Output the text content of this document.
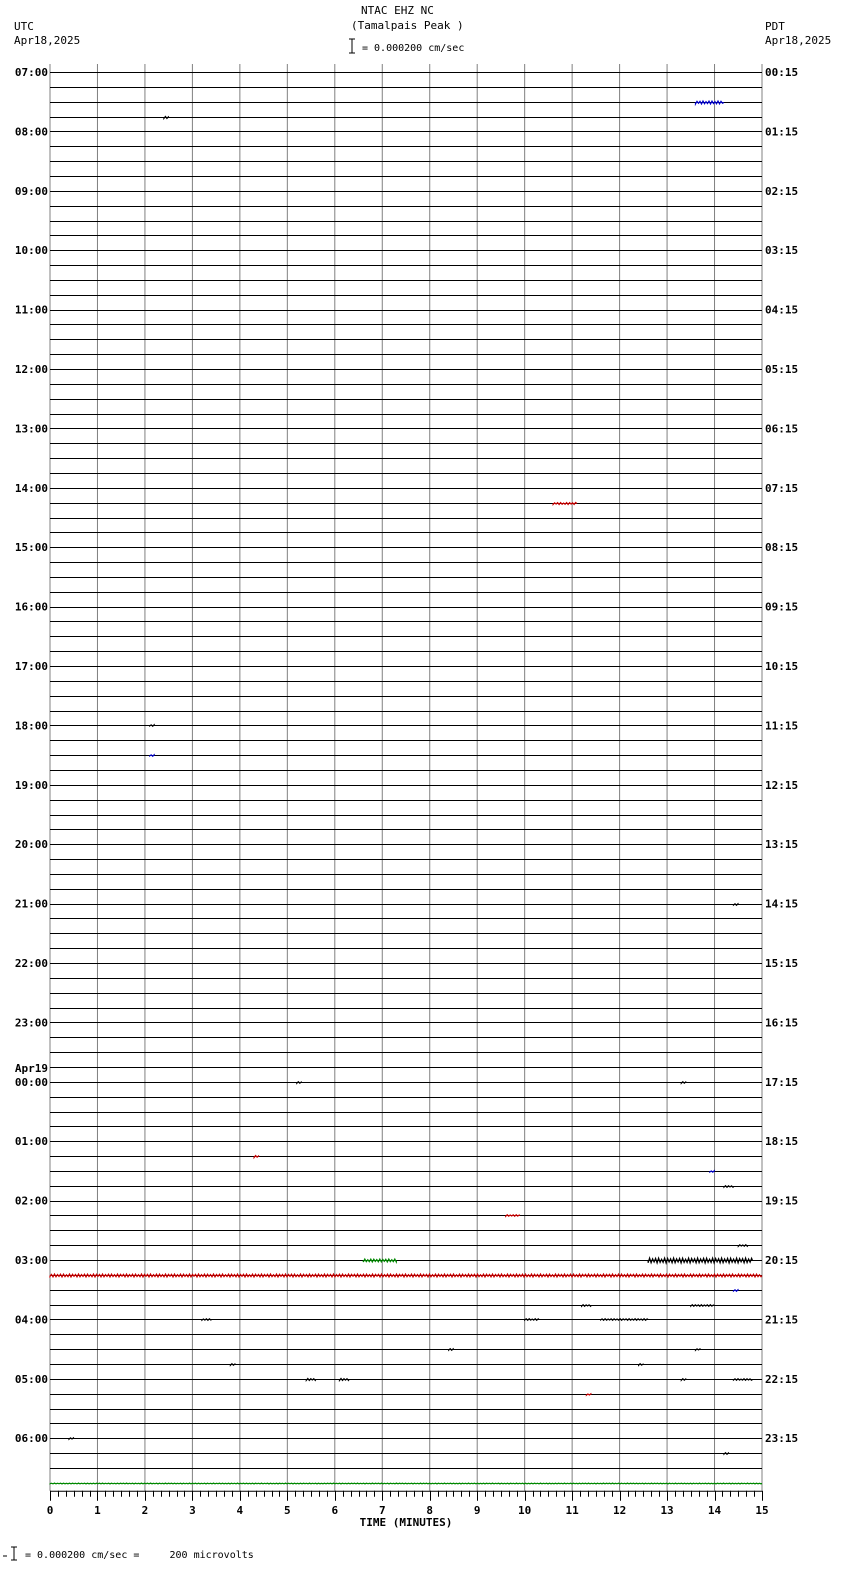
NTAC EHZ NC
(Tamalpais Peak )
= 0.000200 cm/sec
UTC
Apr18,2025
PDT
Apr18,2025
= 0.000200 cm/sec =     200 microvolts
07:00	00:15
08:00	01:15
09:00	02:15
10:00	03:15
11:00	04:15
12:00	05:15
13:00	06:15
14:00	07:15
15:00	08:15
16:00	09:15
17:00	10:15
18:00	11:15
19:00	12:15
20:00	13:15
21:00	14:15
22:00	15:15
23:00	16:15
00:00	17:15
Apr19
01:00	18:15
02:00	19:15
03:00	20:15
04:00	21:15
05:00	22:15
06:00	23:15
0	1	2	3	4	5	6	7	8	9	10	11	12	13	14	15
TIME (MINUTES)
